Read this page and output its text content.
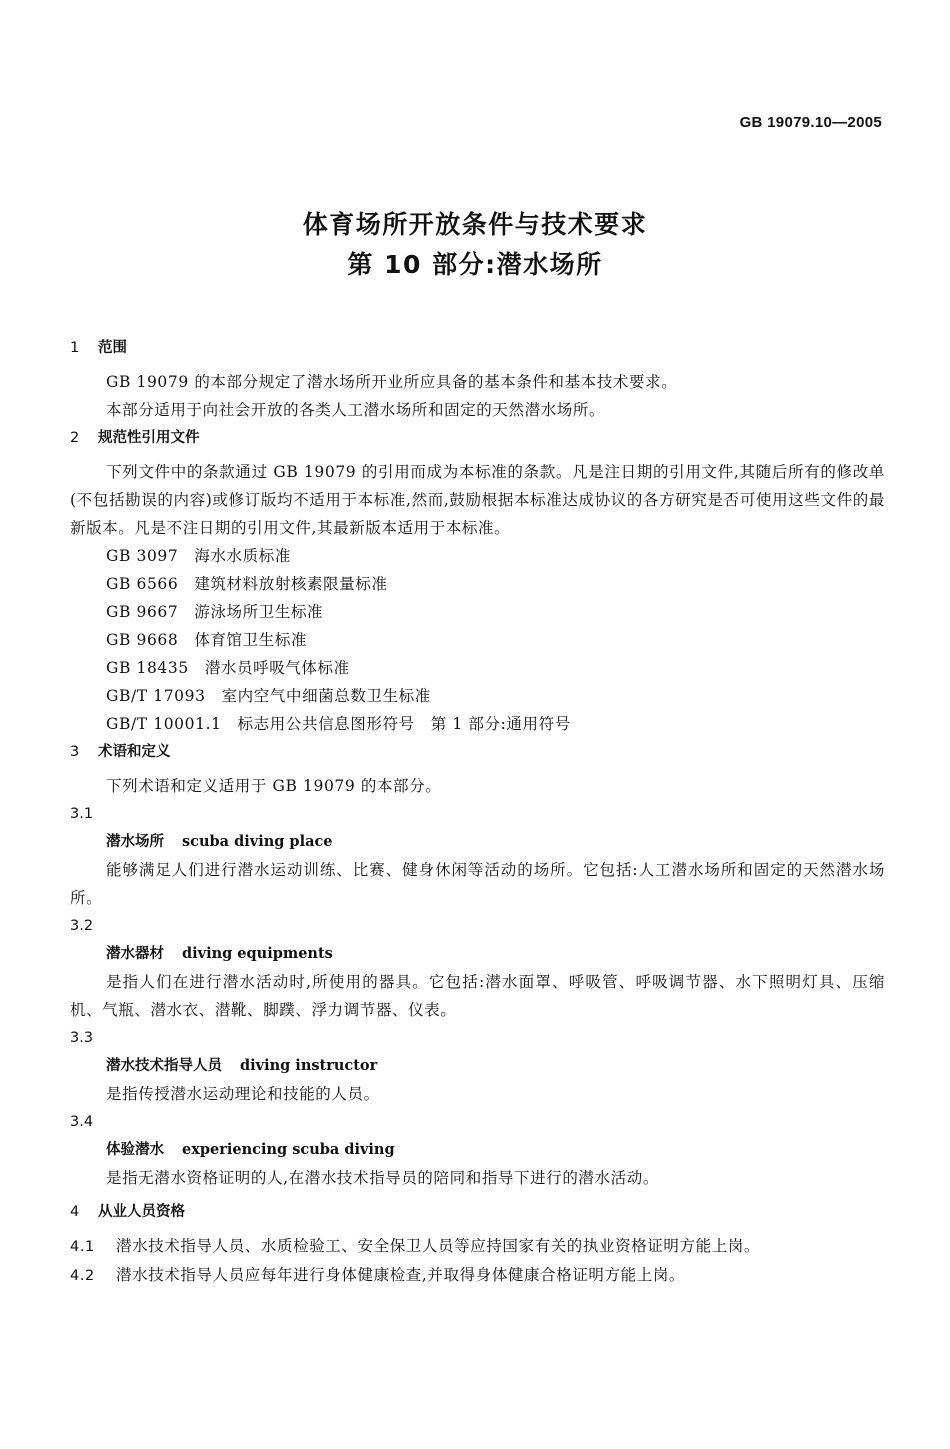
GB 19079.10—2005
体育场所开放条件与技术要求
第 10 部分:潜水场所
1 范围
GB 19079 的本部分规定了潜水场所开业所应具备的基本条件和基本技术要求。
本部分适用于向社会开放的各类人工潜水场所和固定的天然潜水场所。
2 规范性引用文件
下列文件中的条款通过 GB 19079 的引用而成为本标准的条款。凡是注日期的引用文件,其随后所有的修改单(不包括勘误的内容)或修订版均不适用于本标准,然而,鼓励根据本标准达成协议的各方研究是否可使用这些文件的最新版本。凡是不注日期的引用文件,其最新版本适用于本标准。
GB 3097 海水水质标准
GB 6566 建筑材料放射核素限量标准
GB 9667 游泳场所卫生标准
GB 9668 体育馆卫生标准
GB 18435 潜水员呼吸气体标准
GB/T 17093 室内空气中细菌总数卫生标准
GB/T 10001.1 标志用公共信息图形符号　第 1 部分:通用符号
3 术语和定义
下列术语和定义适用于 GB 19079 的本部分。
3.1
潜水场所 scuba diving place
能够满足人们进行潜水运动训练、比赛、健身休闲等活动的场所。它包括:人工潜水场所和固定的天然潜水场所。
3.2
潜水器材 diving equipments
是指人们在进行潜水活动时,所使用的器具。它包括:潜水面罩、呼吸管、呼吸调节器、水下照明灯具、压缩机、气瓶、潜水衣、潜靴、脚蹼、浮力调节器、仪表。
3.3
潜水技术指导人员 diving instructor
是指传授潜水运动理论和技能的人员。
3.4
体验潜水 experiencing scuba diving
是指无潜水资格证明的人,在潜水技术指导员的陪同和指导下进行的潜水活动。
4 从业人员资格
4.1 潜水技术指导人员、水质检验工、安全保卫人员等应持国家有关的执业资格证明方能上岗。
4.2 潜水技术指导人员应每年进行身体健康检查,并取得身体健康合格证明方能上岗。
